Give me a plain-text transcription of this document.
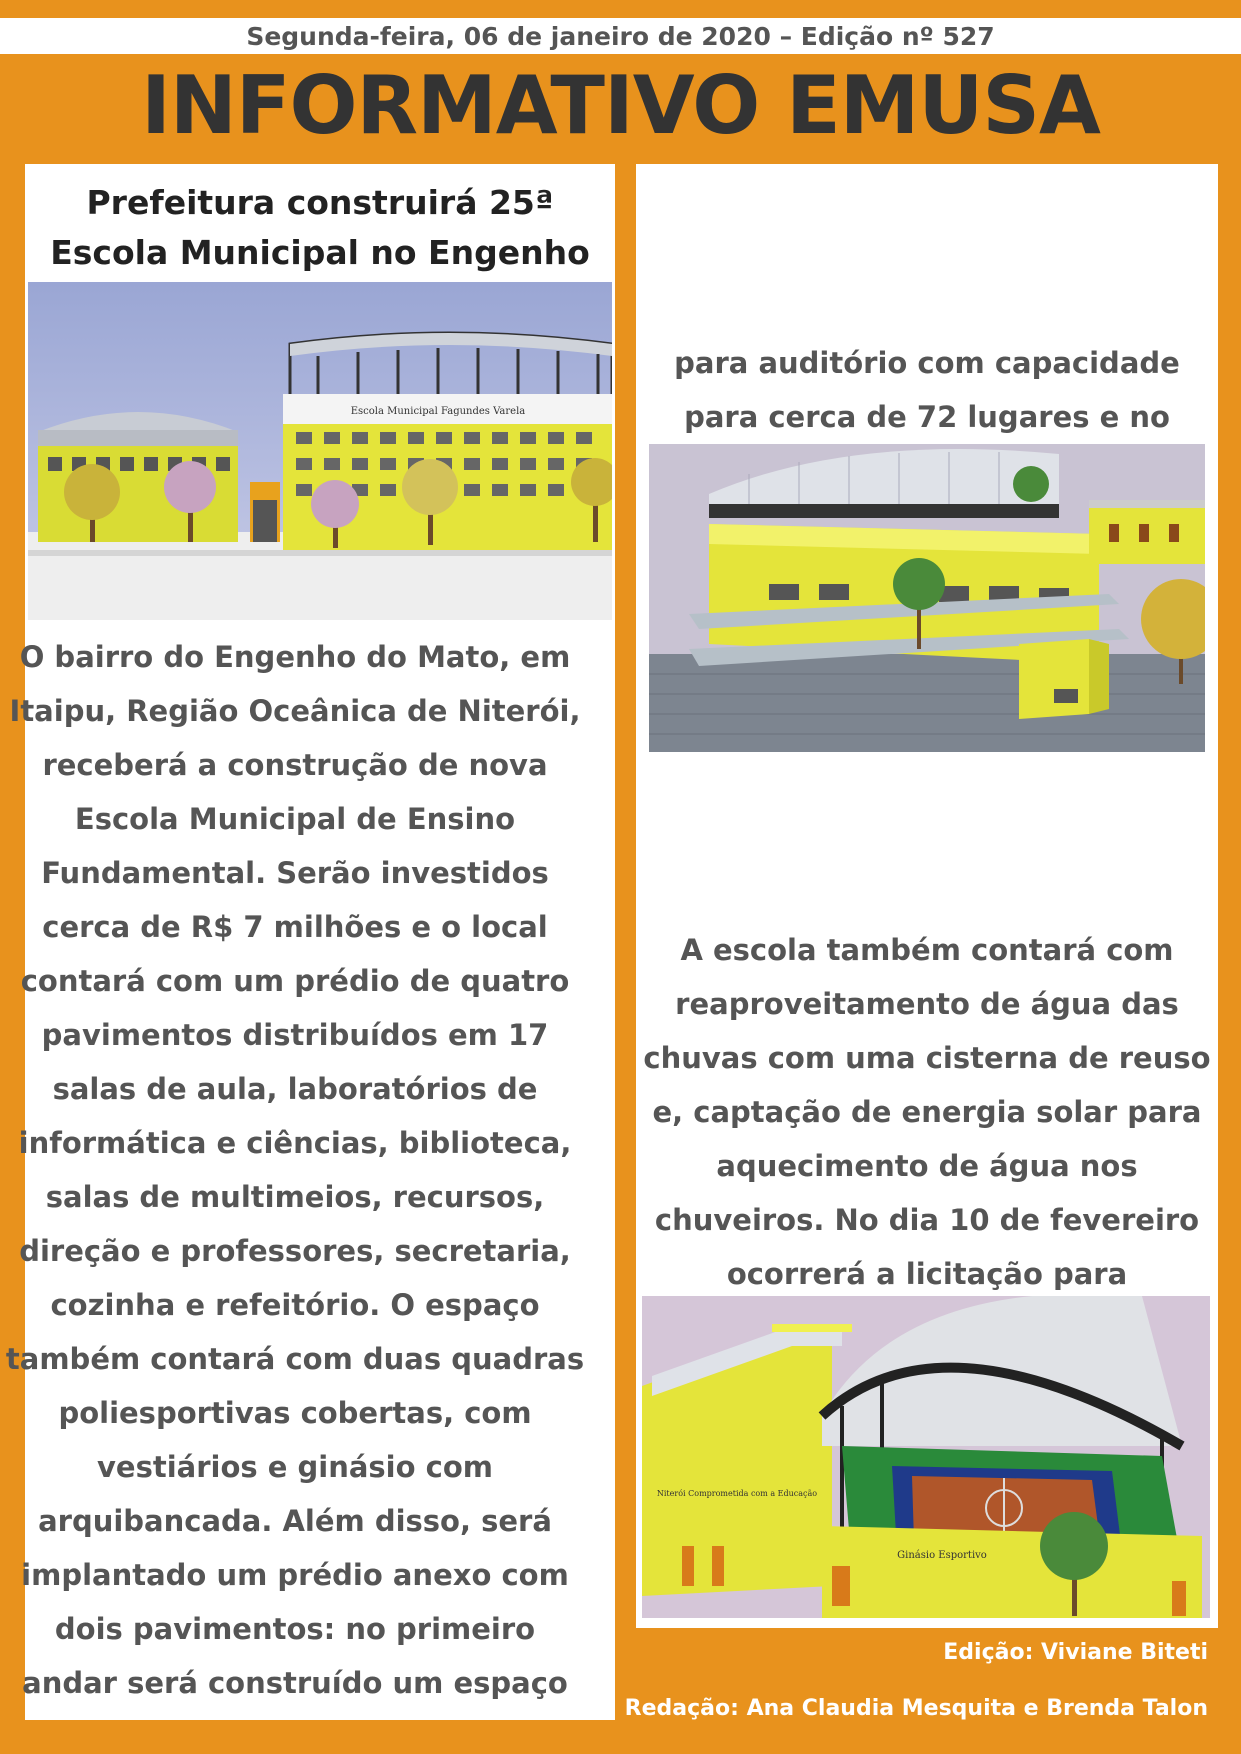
Segunda-feira, 06 de janeiro de 2020 – Edição nº 527
INFORMATIVO EMUSA
Prefeitura construirá 25ª Escola Municipal no Engenho

para auditório com capacidade para cerca de 72 lugares e no

A escola também contará com reaproveitamento de água das chuvas com uma cisterna de reuso e, captação de energia solar para aquecimento de água nos chuveiros. No dia 10 de fevereiro ocorrerá a licitação para

O bairro do Engenho do Mato, em Itaipu, Região Oceânica de Niterói, receberá a construção de nova Escola Municipal de Ensino Fundamental. Serão investidos cerca de R$ 7 milhões e o local contará com um prédio de quatro pavimentos distribuídos em 17 salas de aula, laboratórios de informática e ciências, biblioteca, salas de multimeios, recursos, direção e professores, secretaria, cozinha e refeitório. O espaço também contará com duas quadras poliesportivas cobertas, com vestiários e ginásio com arquibancada. Além disso, será implantado um prédio anexo com dois pavimentos: no primeiro andar será construído um espaço

Escola Municipal Fagundes Varela
Niterói Comprometida com a Educação
Ginásio Esportivo

Edição: Viviane Biteti

Redação: Ana Claudia Mesquita e Brenda Talon
